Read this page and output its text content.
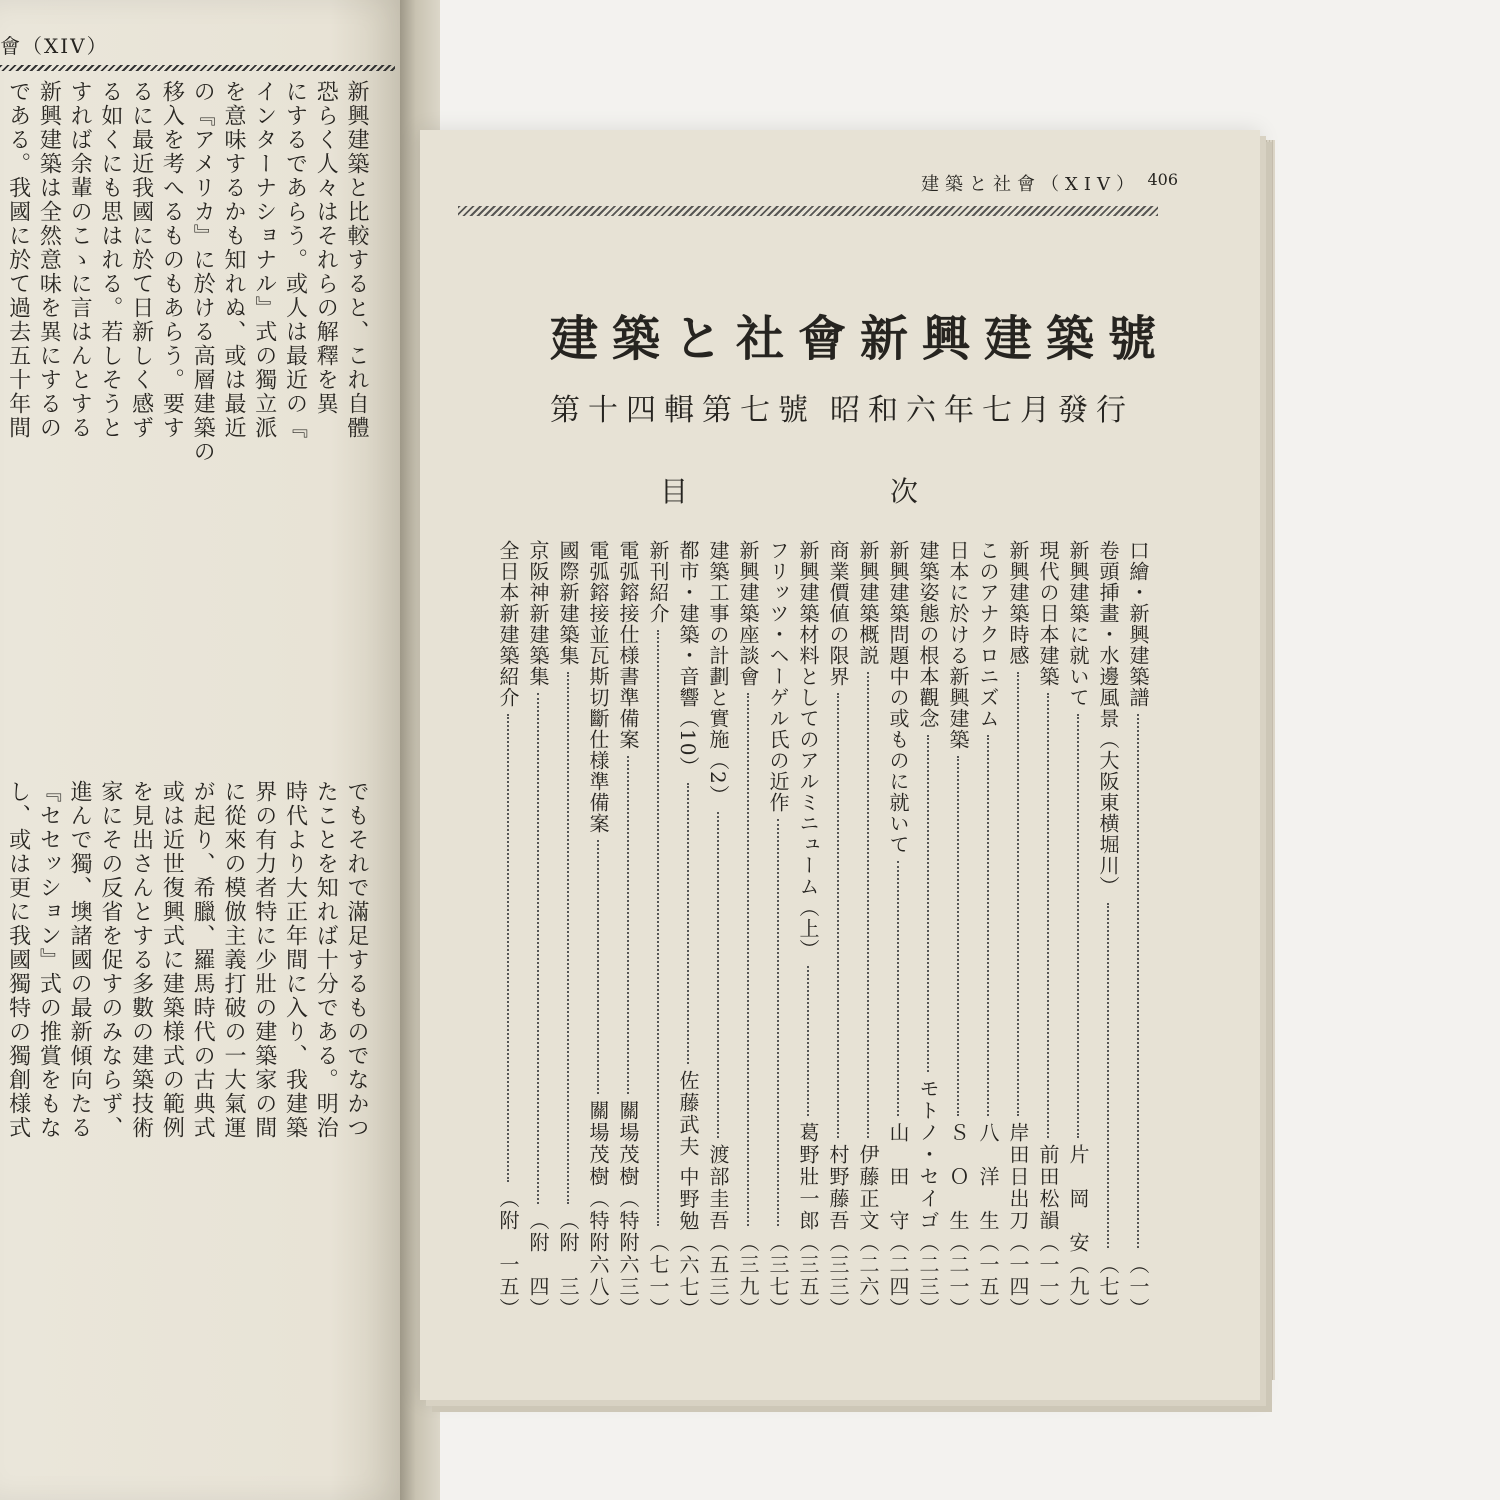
會（XIV）
新興建築と比較すると、これ自體
恐らく人々はそれらの解釋を異
にするであらう。或人は最近の『
インターナショナル』式の獨立派
を意味するかも知れぬ、或は最近
の『アメリカ』に於ける高層建築の
移入を考へるものもあらう。要す
るに最近我國に於て日新しく感ず
る如くにも思はれる。若しそうと
すれば余輩のこゝに言はんとする
新興建築は全然意味を異にするの
である。我國に於て過去五十年間
でもそれで滿足するものでなかつ
たことを知れば十分である。明治
時代より大正年間に入り、我建築
界の有力者特に少壯の建築家の間
に從來の模倣主義打破の一大氣運
が起り、希臘、羅馬時代の古典式
或は近世復興式に建築様式の範例
を見出さんとする多數の建築技術
家にその反省を促すのみならず、
進んで獨、墺諸國の最新傾向たる
『セセッション』式の推賞をもな
し、或は更に我國獨特の獨創様式
建築と社會（XIV） 406
建築と社會新興建築號
第十四輯第七號 昭和六年七月發行
目	次
口繪・新興建築譜
（一）
卷頭挿畫・水邊風景（大阪東横堀川）
（七）
新興建築に就いて
片　岡　安（九）
現代の日本建築
前田松韻（一一）
新興建築時感
岸田日出刀（一四）
このアナクロニズム
八　洋　生（一五）
日本に於ける新興建築
Ｓ　Ｏ　生（二一）
建築姿態の根本觀念
モトノ・セイゴ（二三）
新興建築問題中の或ものに就いて
山　田　守（二四）
新興建築概説
伊藤正文（二六）
商業價値の限界
村野藤吾（三三）
新興建築材料としてのアルミニューム（上）
葛野壯一郎（三五）
フリッツ・ヘーゲル氏の近作
（三七）
新興建築座談會
（三九）
建築工事の計劃と實施（2）
渡部圭吾（五三）
都市・建築・音響（10）
佐藤武夫 中野勉（六七）
新刊紹介
（七一）
電弧鎔接仕様書準備案
關場茂樹（特附六三）
電弧鎔接並瓦斯切斷仕様準備案
關場茂樹（特附六八）
國際新建築集
（附　三）
京阪神新建築集
（附　四）
全日本新建築紹介
（附　一五）
